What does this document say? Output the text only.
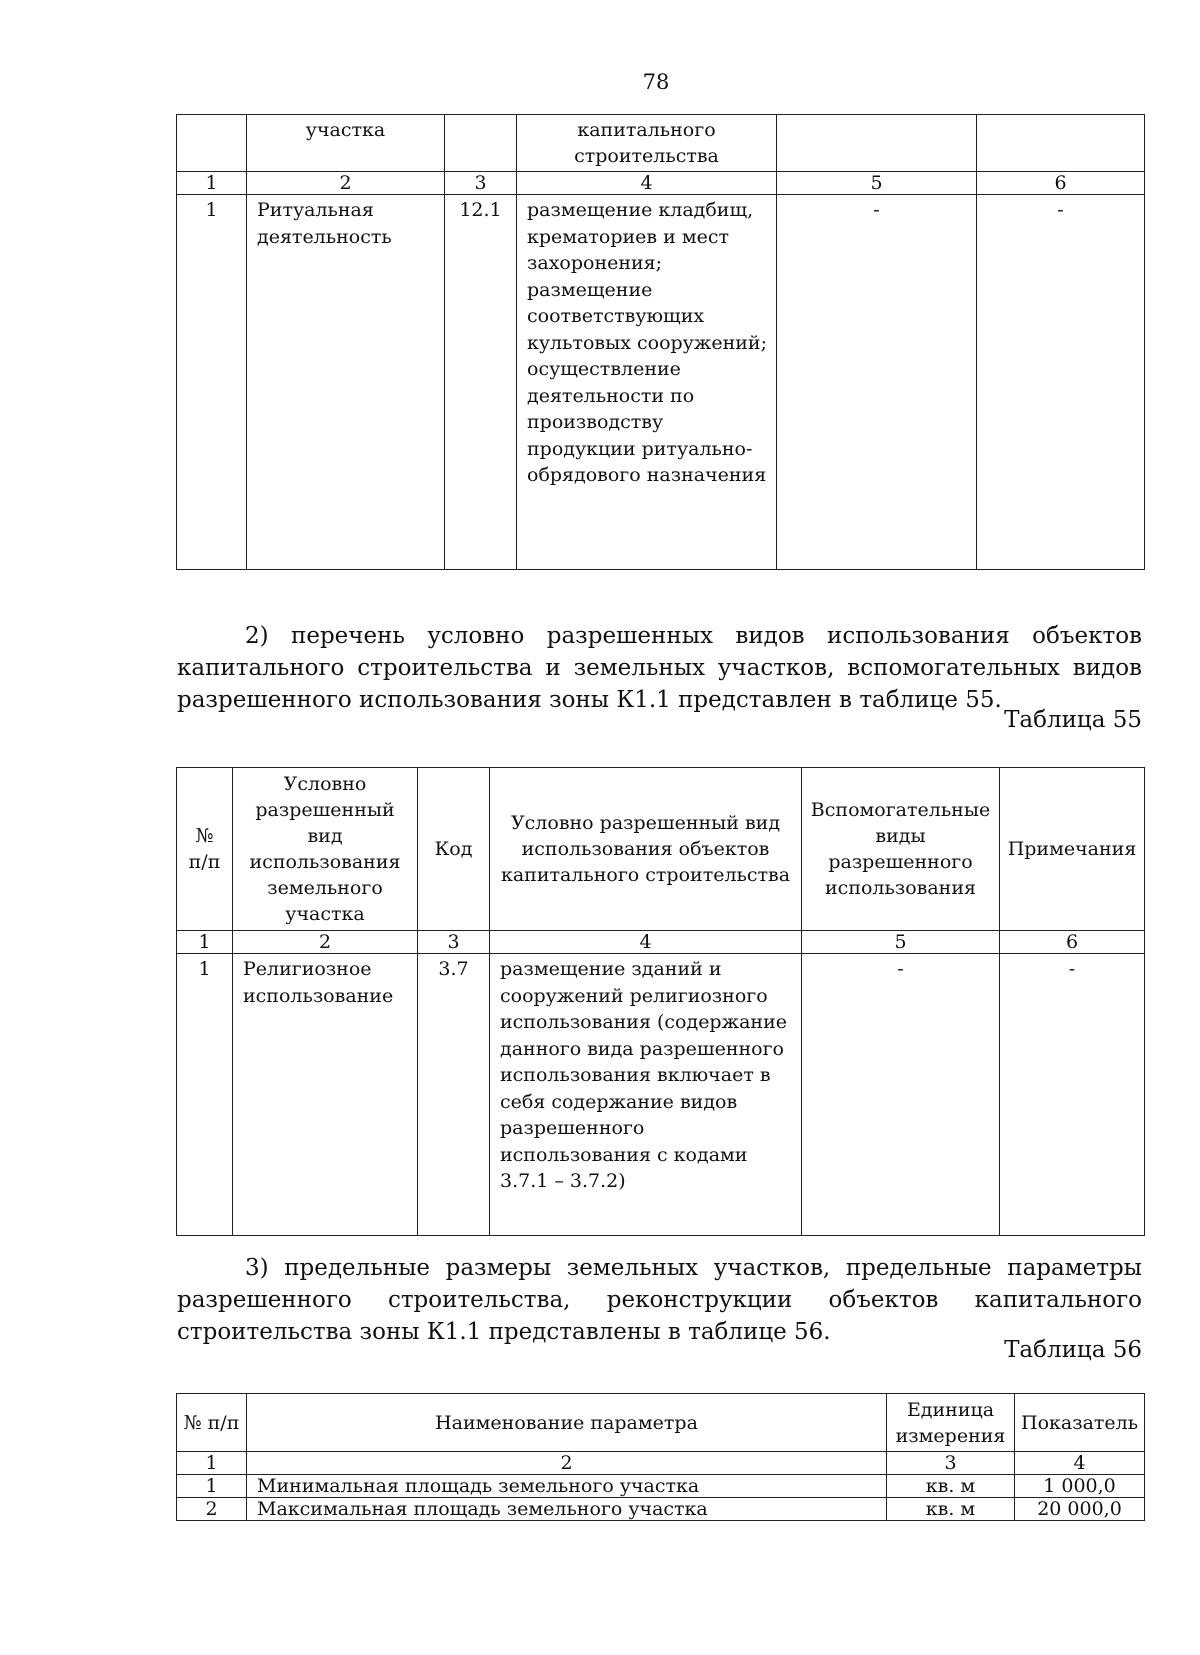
78
	участка		капитального строительства		
1	2	3	4	5	6
1	Ритуальная деятельность	12.1	размещение кладбищ, крематориев и мест захоронения; размещение соответствующих культовых сооружений; осуществление деятельности по производству продукции ритуально-обрядового назначения	-	-
2) перечень условно разрешенных видов использования объектов капитального строительства и земельных участков, вспомогательных видов разрешенного использования зоны К1.1 представлен в таблице 55.
Таблица 55
№ п/п	Условно разрешенный вид использования земельного участка	Код	Условно разрешенный вид использования объектов капитального строительства	Вспомогательные виды разрешенного использования	Примечания
1	2	3	4	5	6
1	Религиозное использование	3.7	размещение зданий и сооружений религиозного использования (содержание данного вида разрешенного использования включает в себя содержание видов разрешенного использования с кодами 3.7.1 – 3.7.2)	-	-
3) предельные размеры земельных участков, предельные параметры разрешенного строительства, реконструкции объектов капитального строительства зоны К1.1 представлены в таблице 56.
Таблица 56
№ п/п	Наименование параметра	Единица измерения	Показатель
1	2	3	4
1	Минимальная площадь земельного участка	кв. м	1 000,0
2	Максимальная площадь земельного участка	кв. м	20 000,0
